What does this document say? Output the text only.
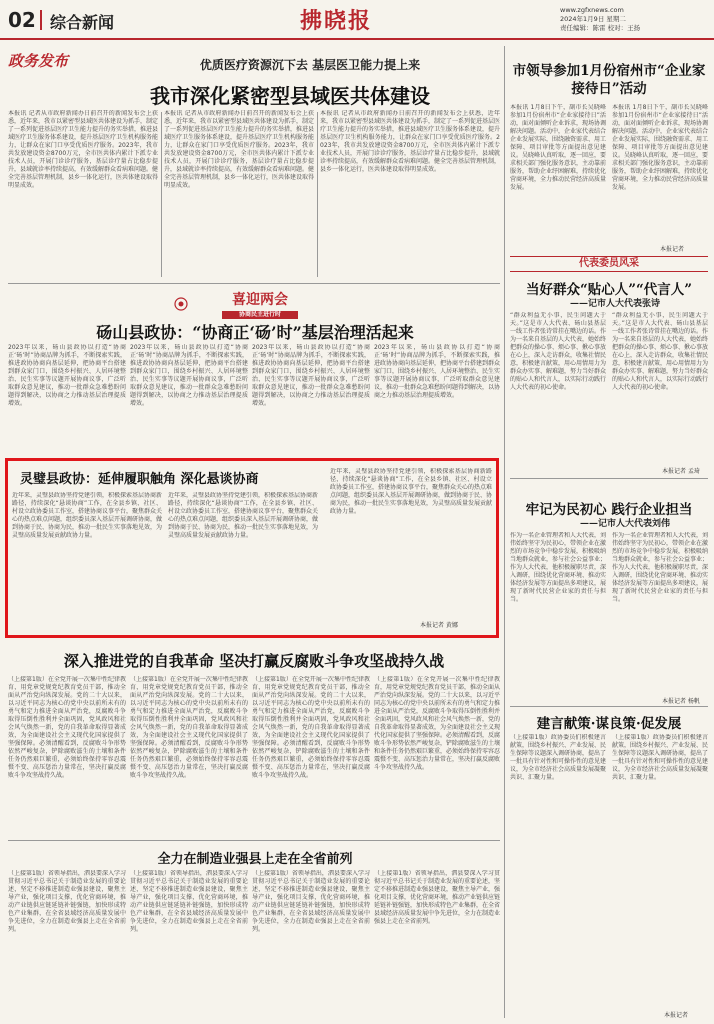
02 综合新闻	拂晓报	www.zgfxnews.com
2024年1月9日 星期二
责任编辑：陈雷 校对：王扬
政务发布	优质医疗资源沉下去 基层医卫能力提上来
我市深化紧密型县域医共体建设
本报讯 记者从市政府新闻办日前召开的新闻发布会上获悉，近年来，我市以紧密型县域医共体建设为抓手，制定了一系列促进基层医疗卫生能力提升的务实举措，推进县域医疗卫生服务体系建设，提升基层医疗卫生机构服务能力，让群众在家门口享受优质医疗服务。2023年，我市共发放建设资金8700万元，全市医共体内累计下派专业技术人员，开展门诊诊疗服务，基层诊疗量占比稳步提升，县域就诊率持续提高，有效缓解群众看病难问题。健全完善基层管理机制，县乡一体化运行，医共体建设取得明显成效。
本报讯 记者从市政府新闻办日前召开的新闻发布会上获悉，近年来，我市以紧密型县域医共体建设为抓手，制定了一系列促进基层医疗卫生能力提升的务实举措，推进县域医疗卫生服务体系建设，提升基层医疗卫生机构服务能力，让群众在家门口享受优质医疗服务。2023年，我市共发放建设资金8700万元，全市医共体内累计下派专业技术人员，开展门诊诊疗服务，基层诊疗量占比稳步提升，县域就诊率持续提高，有效缓解群众看病难问题。健全完善基层管理机制，县乡一体化运行，医共体建设取得明显成效。
本报讯 记者从市政府新闻办日前召开的新闻发布会上获悉，近年来，我市以紧密型县域医共体建设为抓手，制定了一系列促进基层医疗卫生能力提升的务实举措，推进县域医疗卫生服务体系建设，提升基层医疗卫生机构服务能力，让群众在家门口享受优质医疗服务。2023年，我市共发放建设资金8700万元，全市医共体内累计下派专业技术人员，开展门诊诊疗服务，基层诊疗量占比稳步提升，县域就诊率持续提高，有效缓解群众看病难问题。健全完善基层管理机制，县乡一体化运行，医共体建设取得明显成效。
喜迎两会
协商民主进行时
砀山县政协：“协商正‘砀’时”基层治理活起来
2023年以来，砀山县政协以打造“协商正‘砀’时”协商品牌为抓手，不断探索实践，推进政协协商向基层延伸，把协商平台搭建到群众家门口，围绕乡村振兴、人居环境整治、民生实事等议题开展协商议事，广泛听取群众意见建议，推动一批群众急难愁盼问题得到解决，以协商之力推动基层治理提质增效。
2023年以来，砀山县政协以打造“协商正‘砀’时”协商品牌为抓手，不断探索实践，推进政协协商向基层延伸，把协商平台搭建到群众家门口，围绕乡村振兴、人居环境整治、民生实事等议题开展协商议事，广泛听取群众意见建议，推动一批群众急难愁盼问题得到解决，以协商之力推动基层治理提质增效。
2023年以来，砀山县政协以打造“协商正‘砀’时”协商品牌为抓手，不断探索实践，推进政协协商向基层延伸，把协商平台搭建到群众家门口，围绕乡村振兴、人居环境整治、民生实事等议题开展协商议事，广泛听取群众意见建议，推动一批群众急难愁盼问题得到解决，以协商之力推动基层治理提质增效。
2023年以来，砀山县政协以打造“协商正‘砀’时”协商品牌为抓手，不断探索实践，推进政协协商向基层延伸，把协商平台搭建到群众家门口，围绕乡村振兴、人居环境整治、民生实事等议题开展协商议事，广泛听取群众意见建议，推动一批群众急难愁盼问题得到解决，以协商之力推动基层治理提质增效。
灵璧县政协：延伸履职触角 深化悬谈协商
近年来，灵璧县政协坚持党建引领，积极探索基层协商新路径，持续深化“悬谈协商”工作，在全县乡镇、社区、村设立政协委员工作室，搭建协商议事平台，聚焦群众关心的热点难点问题，组织委员深入基层开展调研协商，做到协商于民、协商为民，推动一批民生实事落地见效，为灵璧高质量发展贡献政协力量。
近年来，灵璧县政协坚持党建引领，积极探索基层协商新路径，持续深化“悬谈协商”工作，在全县乡镇、社区、村设立政协委员工作室，搭建协商议事平台，聚焦群众关心的热点难点问题，组织委员深入基层开展调研协商，做到协商于民、协商为民，推动一批民生实事落地见效，为灵璧高质量发展贡献政协力量。
近年来，灵璧县政协坚持党建引领，积极探索基层协商新路径，持续深化“悬谈协商”工作，在全县乡镇、社区、村设立政协委员工作室，搭建协商议事平台，聚焦群众关心的热点难点问题，组织委员深入基层开展调研协商，做到协商于民、协商为民，推动一批民生实事落地见效，为灵璧高质量发展贡献政协力量。
本报记者 黄娜
深入推进党的自我革命 坚决打赢反腐败斗争攻坚战持久战
（上接第1版）在全党开展一次集中性纪律教育，用党章党规党纪教育党员干部，推动全面从严治党向纵深发展。党的二十大以来，以习近平同志为核心的党中央以前所未有的勇气和定力推进全面从严治党，反腐败斗争取得压倒性胜利并全面巩固，党风政风和社会风气焕然一新，党的自我革命取得显著成效，为全面建设社会主义现代化国家提供了坚强保障。必须清醒看到，反腐败斗争形势依然严峻复杂，铲除腐败滋生的土壤和条件任务仍然艰巨繁重，必须始终保持零容忍震慑不变、高压惩治力量常在，坚决打赢反腐败斗争攻坚战持久战。
（上接第1版）在全党开展一次集中性纪律教育，用党章党规党纪教育党员干部，推动全面从严治党向纵深发展。党的二十大以来，以习近平同志为核心的党中央以前所未有的勇气和定力推进全面从严治党，反腐败斗争取得压倒性胜利并全面巩固，党风政风和社会风气焕然一新，党的自我革命取得显著成效，为全面建设社会主义现代化国家提供了坚强保障。必须清醒看到，反腐败斗争形势依然严峻复杂，铲除腐败滋生的土壤和条件任务仍然艰巨繁重，必须始终保持零容忍震慑不变、高压惩治力量常在，坚决打赢反腐败斗争攻坚战持久战。
（上接第1版）在全党开展一次集中性纪律教育，用党章党规党纪教育党员干部，推动全面从严治党向纵深发展。党的二十大以来，以习近平同志为核心的党中央以前所未有的勇气和定力推进全面从严治党，反腐败斗争取得压倒性胜利并全面巩固，党风政风和社会风气焕然一新，党的自我革命取得显著成效，为全面建设社会主义现代化国家提供了坚强保障。必须清醒看到，反腐败斗争形势依然严峻复杂，铲除腐败滋生的土壤和条件任务仍然艰巨繁重，必须始终保持零容忍震慑不变、高压惩治力量常在，坚决打赢反腐败斗争攻坚战持久战。
（上接第1版）在全党开展一次集中性纪律教育，用党章党规党纪教育党员干部，推动全面从严治党向纵深发展。党的二十大以来，以习近平同志为核心的党中央以前所未有的勇气和定力推进全面从严治党，反腐败斗争取得压倒性胜利并全面巩固，党风政风和社会风气焕然一新，党的自我革命取得显著成效，为全面建设社会主义现代化国家提供了坚强保障。必须清醒看到，反腐败斗争形势依然严峻复杂，铲除腐败滋生的土壤和条件任务仍然艰巨繁重，必须始终保持零容忍震慑不变、高压惩治力量常在，坚决打赢反腐败斗争攻坚战持久战。
全力在制造业强县上走在全省前列
（上接第1版）省领导指出，泗县要深入学习贯彻习近平总书记关于制造业发展的重要论述，坚定不移推进制造业强县建设，聚焦主导产业，强化项目支撑，优化营商环境，推动产业链供应链延链补链强链，加快形成特色产业集群，在全省县域经济高质量发展中争先进位，全力在制造业强县上走在全省前列。
（上接第1版）省领导指出，泗县要深入学习贯彻习近平总书记关于制造业发展的重要论述，坚定不移推进制造业强县建设，聚焦主导产业，强化项目支撑，优化营商环境，推动产业链供应链延链补链强链，加快形成特色产业集群，在全省县域经济高质量发展中争先进位，全力在制造业强县上走在全省前列。
（上接第1版）省领导指出，泗县要深入学习贯彻习近平总书记关于制造业发展的重要论述，坚定不移推进制造业强县建设，聚焦主导产业，强化项目支撑，优化营商环境，推动产业链供应链延链补链强链，加快形成特色产业集群，在全省县域经济高质量发展中争先进位，全力在制造业强县上走在全省前列。
（上接第1版）省领导指出，泗县要深入学习贯彻习近平总书记关于制造业发展的重要论述，坚定不移推进制造业强县建设，聚焦主导产业，强化项目支撑，优化营商环境，推动产业链供应链延链补链强链，加快形成特色产业集群，在全省县域经济高质量发展中争先进位，全力在制造业强县上走在全省前列。
市领导参加1月份宿州市“企业家接待日”活动
本报讯 1月8日下午，副市长吴晓峰参加1月份宿州市“企业家接待日”活动，面对面倾听企业诉求，现场协调解决问题。活动中，企业家代表结合企业发展实际，围绕融资需求、用工保障、项目审批等方面提出意见建议。吴晓峰认真听取，逐一回应，要求相关部门强化服务意识，主动靠前服务，帮助企业纾困解难，持续优化营商环境，全力推动民营经济高质量发展。
本报讯 1月8日下午，副市长吴晓峰参加1月份宿州市“企业家接待日”活动，面对面倾听企业诉求，现场协调解决问题。活动中，企业家代表结合企业发展实际，围绕融资需求、用工保障、项目审批等方面提出意见建议。吴晓峰认真听取，逐一回应，要求相关部门强化服务意识，主动靠前服务，帮助企业纾困解难，持续优化营商环境，全力推动民营经济高质量发展。
本报记者
代表委员风采
当好群众“贴心人”“代言人”
——记市人大代表张诗
“群众利益无小事，民生问题大于天。”这是市人大代表、砀山县基层一线工作者张诗常挂在嘴边的话。作为一名来自基层的人大代表，她始终把群众的操心事、烦心事、揪心事放在心上，深入走访群众，收集社情民意，积极建言献策，用心用情用力为群众办实事、解难题，努力当好群众的贴心人和代言人，以实际行动践行人大代表的初心使命。
“群众利益无小事，民生问题大于天。”这是市人大代表、砀山县基层一线工作者张诗常挂在嘴边的话。作为一名来自基层的人大代表，她始终把群众的操心事、烦心事、揪心事放在心上，深入走访群众，收集社情民意，积极建言献策，用心用情用力为群众办实事、解难题，努力当好群众的贴心人和代言人，以实际行动践行人大代表的初心使命。
本报记者 孟琦
牢记为民初心 践行企业担当
——记市人大代表刘伟
作为一名企业管理者和人大代表，刘伟始终坚守为民初心，带领企业在激烈的市场竞争中稳步发展，积极吸纳当地群众就业，参与社会公益事业；作为人大代表，他积极履职尽责，深入调研，围绕优化营商环境、推动实体经济发展等方面提出多项建议，展现了新时代民营企业家的责任与担当。
作为一名企业管理者和人大代表，刘伟始终坚守为民初心，带领企业在激烈的市场竞争中稳步发展，积极吸纳当地群众就业，参与社会公益事业；作为人大代表，他积极履职尽责，深入调研，围绕优化营商环境、推动实体经济发展等方面提出多项建议，展现了新时代民营企业家的责任与担当。
本报记者 杨帆
建言献策·谋良策·促发展
（上接第1版）政协委员们积极建言献策，围绕乡村振兴、产业发展、民生保障等议题深入调研协商，提出了一批具有针对性和可操作性的意见建议，为全市经济社会高质量发展凝聚共识、汇聚力量。
（上接第1版）政协委员们积极建言献策，围绕乡村振兴、产业发展、民生保障等议题深入调研协商，提出了一批具有针对性和可操作性的意见建议，为全市经济社会高质量发展凝聚共识、汇聚力量。
本报记者
